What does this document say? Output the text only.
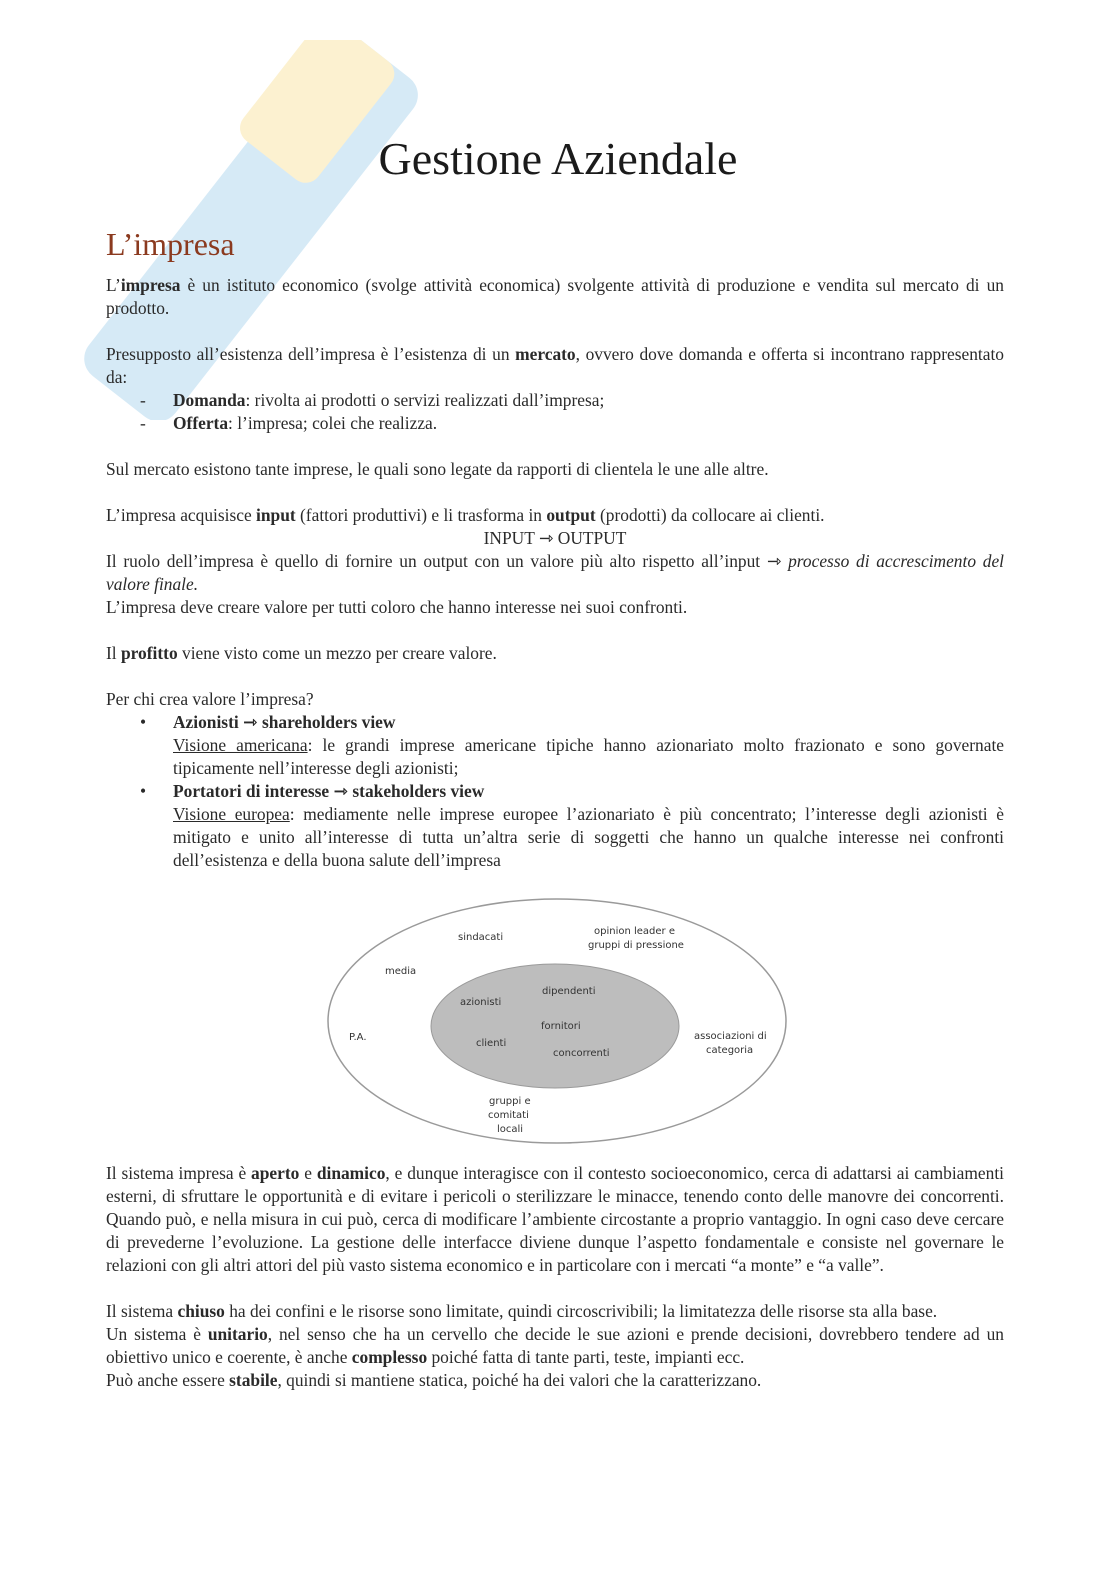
Gestione Aziendale
L’impresa

L’impresa è un istituto economico (svolge attività economica) svolgente attività di produzione e vendita sul mercato di un prodotto.

Presupposto all’esistenza dell’impresa è l’esistenza di un mercato, ovvero dove domanda e offerta si incontrano rappresentato da:

- Domanda: rivolta ai prodotti o servizi realizzati dall’impresa;
- Offerta: l’impresa; colei che realizza.

Sul mercato esistono tante imprese, le quali sono legate da rapporti di clientela le une alle altre.

L’impresa acquisisce input (fattori produttivi) e li trasforma in output (prodotti) da collocare ai clienti.

INPUT ⇾ OUTPUT

Il ruolo dell’impresa è quello di fornire un output con un valore più alto rispetto all’input ⇾ processo di accrescimento del valore finale.

L’impresa deve creare valore per tutti coloro che hanno interesse nei suoi confronti.

Il profitto viene visto come un mezzo per creare valore.

Per chi crea valore l’impresa?

• Azionisti ⇾ shareholders view
Visione americana: le grandi imprese americane tipiche hanno azionariato molto frazionato e sono governate tipicamente nell’interesse degli azionisti;
• Portatori di interesse ⇾ stakeholders view
Visione europea: mediamente nelle imprese europee l’azionariato è più concentrato; l’interesse degli azionisti è mitigato e unito all’interesse di tutta un’altra serie di soggetti che hanno un qualche interesse nei confronti dell’esistenza e della buona salute dell’impresa
sindacati
opinion leader e
gruppi di pressione
media
P.A.	associazioni di
categoria
gruppi e
comitati
locali
dipendenti
azionisti
fornitori
clienti
concorrenti

Il sistema impresa è aperto e dinamico, e dunque interagisce con il contesto socioeconomico, cerca di adattarsi ai cambiamenti esterni, di sfruttare le opportunità e di evitare i pericoli o sterilizzare le minacce, tenendo conto delle manovre dei concorrenti. Quando può, e nella misura in cui può, cerca di modificare l’ambiente circostante a proprio vantaggio. In ogni caso deve cercare di prevederne l’evoluzione. La gestione delle interfacce diviene dunque l’aspetto fondamentale e consiste nel governare le relazioni con gli altri attori del più vasto sistema economico e in particolare con i mercati “a monte” e “a valle”.

Il sistema chiuso ha dei confini e le risorse sono limitate, quindi circoscrivibili; la limitatezza delle risorse sta alla base.

Un sistema è unitario, nel senso che ha un cervello che decide le sue azioni e prende decisioni, dovrebbero tendere ad un obiettivo unico e coerente, è anche complesso poiché fatta di tante parti, teste, impianti ecc.

Può anche essere stabile, quindi si mantiene statica, poiché ha dei valori che la caratterizzano.
